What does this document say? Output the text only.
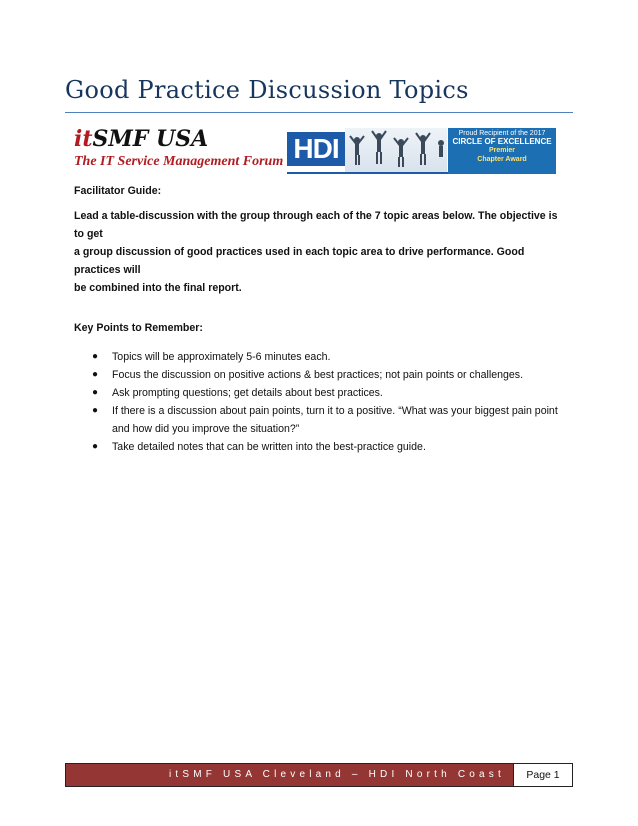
Good Practice Discussion Topics
itSMF USA
The IT Service Management Forum HDI	Proud Recipient of the 2017
CIRCLE OF EXCELLENCE
Premier
Chapter Award
Facilitator Guide:
Lead a table-discussion with the group through each of the 7 topic areas below. The objective is to get
a group discussion of good practices used in each topic area to drive performance. Good practices will
be combined into the final report.
Key Points to Remember:
● Topics will be approximately 5-6 minutes each.
● Focus the discussion on positive actions & best practices; not pain points or challenges.
● Ask prompting questions; get details about best practices.
● If there is a discussion about pain points, turn it to a positive. “What was your biggest pain point
and how did you improve the situation?”
● Take detailed notes that can be written into the best-practice guide.
itSMF USA Cleveland – HDI North Coast	Page 1
